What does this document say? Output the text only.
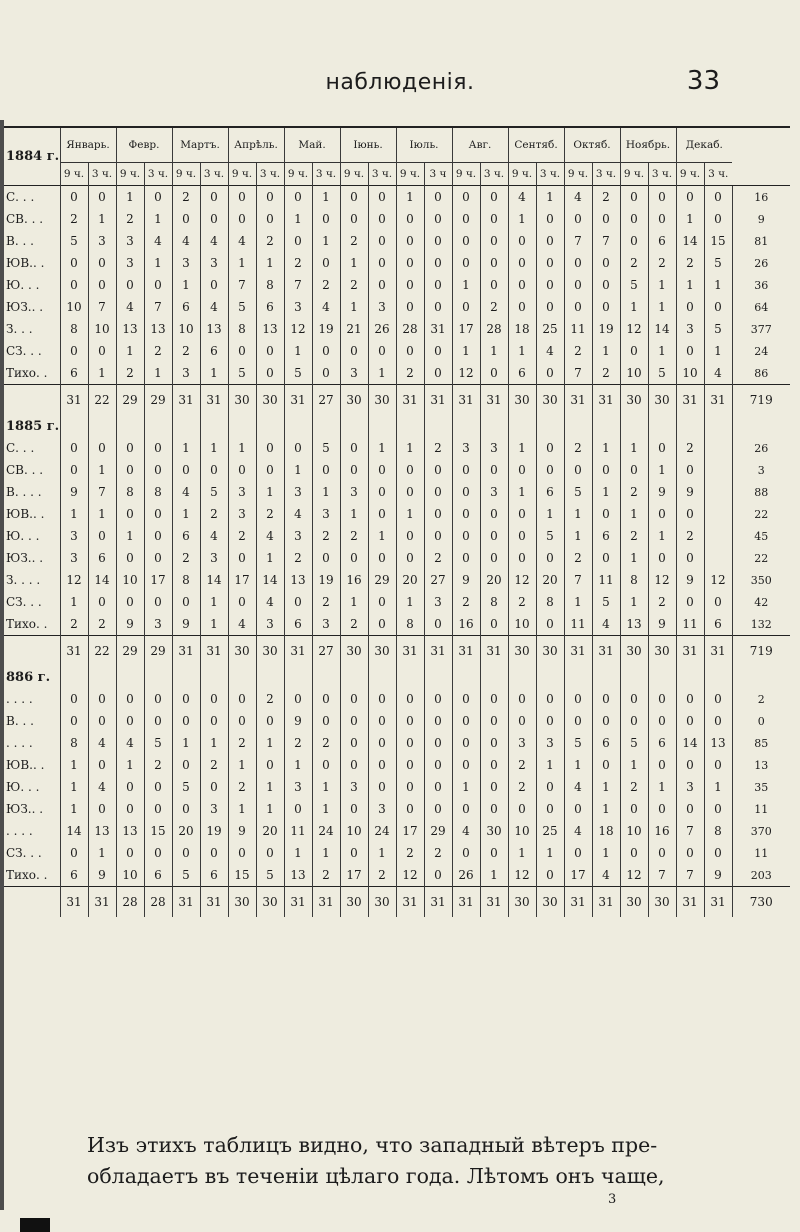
наблюденія.	33
1884 г.	Январь.		Февр.		Мартъ.		Апрѣль.		Май.		Іюнь.		Іюль.		Авг.		Сентяб.		Октяб.		Ноябрь.		Декаб.		
	9 ч.	3 ч.	9 ч.	3 ч.	9 ч.	3 ч.	9 ч.	3 ч.	9 ч.	3 ч.	9 ч.	3 ч.	9 ч.	3 ч	9 ч.	3 ч.	9 ч.	3 ч.	9 ч.	3 ч.	9 ч.	3 ч.	9 ч.	3 ч.	
С. . .	0	0	1	0	2	0	0	0	0	1	0	0	1	0	0	0	4	1	4	2	0	0	0	0	16
СВ. . .	2	1	2	1	0	0	0	0	1	0	0	0	0	0	0	0	1	0	0	0	0	0	1	0	9
В. . .	5	3	3	4	4	4	4	2	0	1	2	0	0	0	0	0	0	0	7	7	0	6	14	15	81
ЮВ.. .	0	0	3	1	3	3	1	1	2	0	1	0	0	0	0	0	0	0	0	0	2	2	2	5	26
Ю. . .	0	0	0	0	1	0	7	8	7	2	2	0	0	0	1	0	0	0	0	0	5	1	1	1	36
ЮЗ.. .	10	7	4	7	6	4	5	6	3	4	1	3	0	0	0	2	0	0	0	0	1	1	0	0	64
З. . .	8	10	13	13	10	13	8	13	12	19	21	26	28	31	17	28	18	25	11	19	12	14	3	5	377
СЗ. . .	0	0	1	2	2	6	0	0	1	0	0	0	0	0	1	1	1	4	2	1	0	1	0	1	24
Тихо. .	6	1	2	1	3	1	5	0	5	0	3	1	2	0	12	0	6	0	7	2	10	5	10	4	86
	31	22	29	29	31	31	30	30	31	27	30	30	31	31	31	31	30	30	31	31	30	30	31	31	719
1885 г.																									
С. . .	0	0	0	0	1	1	1	0	0	5	0	1	1	2	3	3	1	0	2	1	1	0	2		26
СВ. . .	0	1	0	0	0	0	0	0	1	0	0	0	0	0	0	0	0	0	0	0	0	1	0		3
В. . . .	9	7	8	8	4	5	3	1	3	1	3	0	0	0	0	3	1	6	5	1	2	9	9		88
ЮВ.. .	1	1	0	0	1	2	3	2	4	3	1	0	1	0	0	0	0	1	1	0	1	0	0		22
Ю. . .	3	0	1	0	6	4	2	4	3	2	2	1	0	0	0	0	0	5	1	6	2	1	2		45
ЮЗ.. .	3	6	0	0	2	3	0	1	2	0	0	0	0	2	0	0	0	0	2	0	1	0	0		22
З. . . .	12	14	10	17	8	14	17	14	13	19	16	29	20	27	9	20	12	20	7	11	8	12	9	12	350
СЗ. . .	1	0	0	0	0	1	0	4	0	2	1	0	1	3	2	8	2	8	1	5	1	2	0	0	42
Тихо. .	2	2	9	3	9	1	4	3	6	3	2	0	8	0	16	0	10	0	11	4	13	9	11	6	132
	31	22	29	29	31	31	30	30	31	27	30	30	31	31	31	31	30	30	31	31	30	30	31	31	719
886 г.																									
. . . .	0	0	0	0	0	0	0	2	0	0	0	0	0	0	0	0	0	0	0	0	0	0	0	0	2
В. . .	0	0	0	0	0	0	0	0	9	0	0	0	0	0	0	0	0	0	0	0	0	0	0	0	0
. . . .	8	4	4	5	1	1	2	1	2	2	0	0	0	0	0	0	3	3	5	6	5	6	14	13	85
ЮВ.. .	1	0	1	2	0	2	1	0	1	0	0	0	0	0	0	0	2	1	1	0	1	0	0	0	13
Ю. . .	1	4	0	0	5	0	2	1	3	1	3	0	0	0	1	0	2	0	4	1	2	1	3	1	35
ЮЗ.. .	1	0	0	0	0	3	1	1	0	1	0	3	0	0	0	0	0	0	0	1	0	0	0	0	11
. . . .	14	13	13	15	20	19	9	20	11	24	10	24	17	29	4	30	10	25	4	18	10	16	7	8	370
СЗ. . .	0	1	0	0	0	0	0	0	1	1	0	1	2	2	0	0	1	1	0	1	0	0	0	0	11
Тихо. .	6	9	10	6	5	6	15	5	13	2	17	2	12	0	26	1	12	0	17	4	12	7	7	9	203
	31	31	28	28	31	31	30	30	31	31	30	30	31	31	31	31	30	30	31	31	30	30	31	31	730
Изъ этихъ таблицъ видно, что западный вѣтеръ преобладаетъ въ теченіи цѣлаго года. Лѣтомъ онъ чаще,
3
